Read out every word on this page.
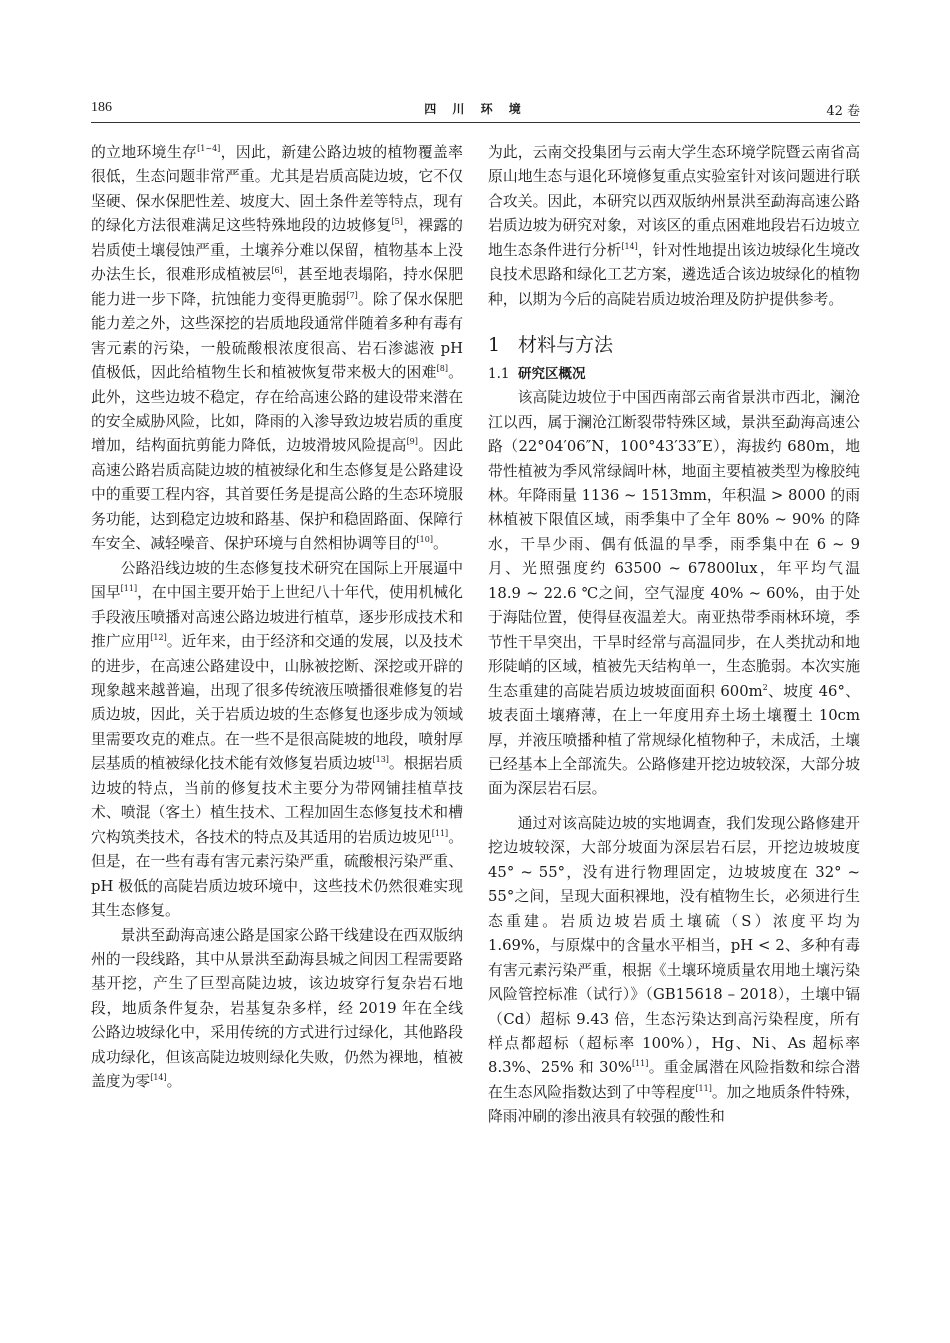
186	四 川 环 境	42 卷

的立地环境生存[1~4]，因此，新建公路边坡的植物覆盖率很低，生态问题非常严重。尤其是岩质高陡边坡，它不仅坚硬、保水保肥性差、坡度大、固土条件差等特点，现有的绿化方法很难满足这些特殊地段的边坡修复[5]，裸露的岩质使土壤侵蚀严重，土壤养分难以保留，植物基本上没办法生长，很难形成植被层[6]，甚至地表塌陷，持水保肥能力进一步下降，抗蚀能力变得更脆弱[7]。除了保水保肥能力差之外，这些深挖的岩质地段通常伴随着多种有毒有害元素的污染，一般硫酸根浓度很高、岩石渗滤液 pH 值极低，因此给植物生长和植被恢复带来极大的困难[8]。此外，这些边坡不稳定，存在给高速公路的建设带来潜在的安全威胁风险，比如，降雨的入渗导致边坡岩质的重度增加，结构面抗剪能力降低，边坡滑坡风险提高[9]。因此高速公路岩质高陡边坡的植被绿化和生态修复是公路建设中的重要工程内容，其首要任务是提高公路的生态环境服务功能，达到稳定边坡和路基、保护和稳固路面、保障行车安全、减轻噪音、保护环境与自然相协调等目的[10]。

公路沿线边坡的生态修复技术研究在国际上开展逼中国早[11]，在中国主要开始于上世纪八十年代，使用机械化手段液压喷播对高速公路边坡进行植草，逐步形成技术和推广应用[12]。近年来，由于经济和交通的发展，以及技术的进步，在高速公路建设中，山脉被挖断、深挖或开辟的现象越来越普遍，出现了很多传统液压喷播很难修复的岩质边坡，因此，关于岩质边坡的生态修复也逐步成为领域里需要攻克的难点。在一些不是很高陡坡的地段，喷射厚层基质的植被绿化技术能有效修复岩质边坡[13]。根据岩质边坡的特点，当前的修复技术主要分为带网铺挂植草技术、喷混（客土）植生技术、工程加固生态修复技术和槽穴构筑类技术，各技术的特点及其适用的岩质边坡见[11]。但是，在一些有毒有害元素污染严重，硫酸根污染严重、pH 极低的高陡岩质边坡环境中，这些技术仍然很难实现其生态修复。

景洪至勐海高速公路是国家公路干线建设在西双版纳州的一段线路，其中从景洪至勐海县城之间因工程需要路基开挖，产生了巨型高陡边坡，该边坡穿行复杂岩石地段，地质条件复杂，岩基复杂多样，经 2019 年在全线公路边坡绿化中，采用传统的方式进行过绿化，其他路段成功绿化，但该高陡边坡则绿化失败，仍然为裸地，植被盖度为零[14]。

为此，云南交投集团与云南大学生态环境学院暨云南省高原山地生态与退化环境修复重点实验室针对该问题进行联合攻关。因此，本研究以西双版纳州景洪至勐海高速公路岩质边坡为研究对象，对该区的重点困难地段岩石边坡立地生态条件进行分析[14]，针对性地提出该边坡绿化生境改良技术思路和绿化工艺方案，遴选适合该边坡绿化的植物种，以期为今后的高陡岩质边坡治理及防护提供参考。

1 材料与方法
1.1 研究区概况

该高陡边坡位于中国西南部云南省景洪市西北，澜沧江以西，属于澜沧江断裂带特殊区域，景洪至勐海高速公路（22°04′06″N，100°43′33″E），海拔约 680m，地带性植被为季风常绿阔叶林，地面主要植被类型为橡胶纯林。年降雨量 1136 ~ 1513mm，年积温 > 8000 的雨林植被下限值区域，雨季集中了全年 80% ~ 90% 的降水，干旱少雨、偶有低温的旱季，雨季集中在 6 ~ 9 月、光照强度约 63500 ~ 67800lux，年平均气温 18.9 ~ 22.6 ℃之间，空气湿度 40% ~ 60%，由于处于海陆位置，使得昼夜温差大。南亚热带季雨林环境，季节性干旱突出，干旱时经常与高温同步，在人类扰动和地形陡峭的区域，植被先天结构单一，生态脆弱。本次实施生态重建的高陡岩质边坡坡面面积 $600m^2$、坡度 46°、坡表面土壤瘠薄，在上一年度用弃土场土壤覆土 10cm 厚，并液压喷播种植了常规绿化植物种子，未成活，土壤已经基本上全部流失。公路修建开挖边坡较深，大部分坡面为深层岩石层。

通过对该高陡边坡的实地调查，我们发现公路修建开挖边坡较深，大部分坡面为深层岩石层，开挖边坡坡度 45° ~ 55°，没有进行物理固定，边坡坡度在 32° ~ 55°之间，呈现大面积裸地，没有植物生长，必须进行生态重建。岩质边坡岩质土壤硫（S）浓度平均为 1.69%，与原煤中的含量水平相当，pH < 2、多种有毒有害元素污染严重，根据《土壤环境质量农用地土壤污染风险管控标准（试行）》（GB15618 – 2018），土壤中镉（Cd）超标 9.43 倍，生态污染达到高污染程度，所有样点都超标（超标率 100%），Hg、Ni、As 超标率 8.3%、25% 和 30%[11]。重金属潜在风险指数和综合潜在生态风险指数达到了中等程度[11]。加之地质条件特殊，降雨冲刷的渗出液具有较强的酸性和
